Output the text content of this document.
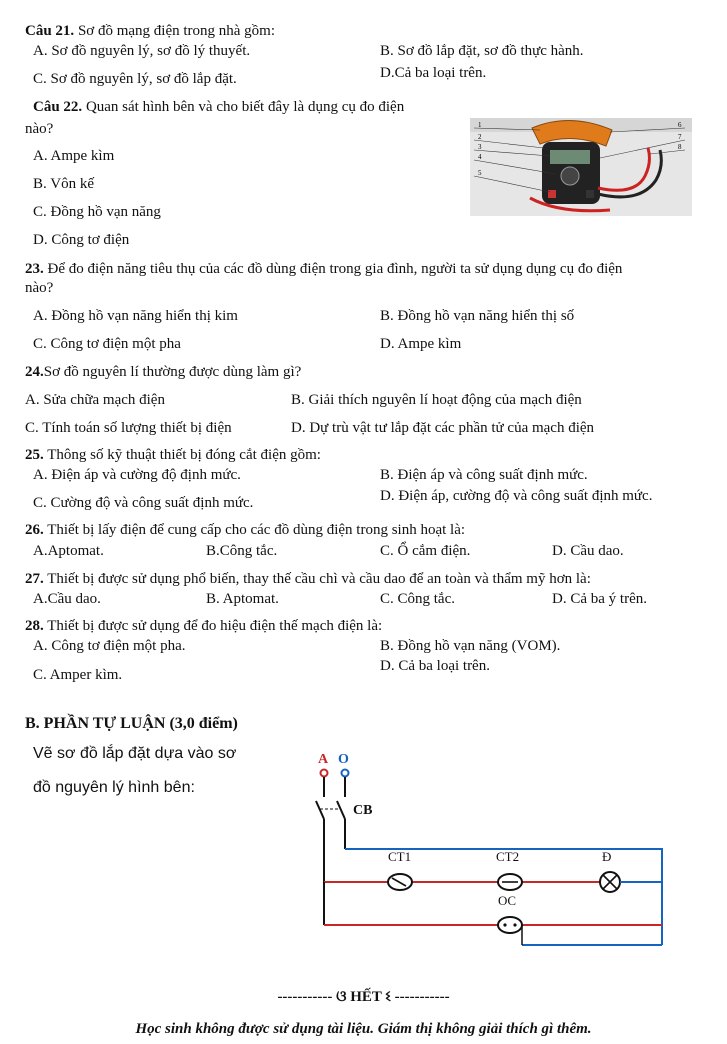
Câu 21. Sơ đồ mạng điện trong nhà gồm:
A. Sơ đồ nguyên lý, sơ đồ lý thuyết.	B. Sơ đồ lắp đặt, sơ đồ thực hành.
C. Sơ đồ nguyên lý, sơ đồ lắp đặt.	D.Cả ba loại trên.
Câu 22. Quan sát hình bên và cho biết đây là dụng cụ đo điện
nào?
A. Ampe kìm
B. Vôn kế
C. Đồng hồ vạn năng
D. Công tơ điện
1
2
3
4
5
6
7
8
23. Để đo điện năng tiêu thụ của các đồ dùng điện trong gia đình, người ta sử dụng dụng cụ đo điện
nào?
A. Đồng hồ vạn năng hiển thị kim	B. Đồng hồ vạn năng hiển thị số
C. Công tơ điện một pha	D. Ampe kìm
24.Sơ đồ nguyên lí thường được dùng làm gì?
A. Sửa chữa mạch điện	B. Giải thích nguyên lí hoạt động của mạch điện
C. Tính toán số lượng thiết bị điện	D. Dự trù vật tư lắp đặt các phần tử của mạch điện
25. Thông số kỹ thuật thiết bị đóng cắt điện gồm:
A. Điện áp và cường độ định mức.	B. Điện áp và công suất định mức.
C. Cường độ và công suất định mức.	D. Điện áp, cường độ và công suất định mức.
26. Thiết bị lấy điện để cung cấp cho các đồ dùng điện trong sinh hoạt là:
A.Aptomat.	B.Công tắc.	C. Ổ cắm điện.	D. Cầu dao.
27. Thiết bị được sử dụng phổ biến, thay thế cầu chì và cầu dao để an toàn và thẩm mỹ hơn là:
A.Cầu dao.	B. Aptomat.	C. Công tắc.	D. Cả ba ý trên.
28. Thiết bị được sử dụng để đo hiệu điện thế mạch điện là:
A. Công tơ điện một pha.	B. Đồng hồ vạn năng (VOM).
C. Amper kìm.
D. Cả ba loại trên.
B. PHẦN TỰ LUẬN (3,0 điểm)
Vẽ sơ đồ lắp đặt dựa vào sơ
đồ nguyên lý hình bên:
A O
CB
CT1	CT2	Đ
OC
----------- ଓ HẾT ଽ -----------
Học sinh không được sử dụng tài liệu. Giám thị không giải thích gì thêm.
